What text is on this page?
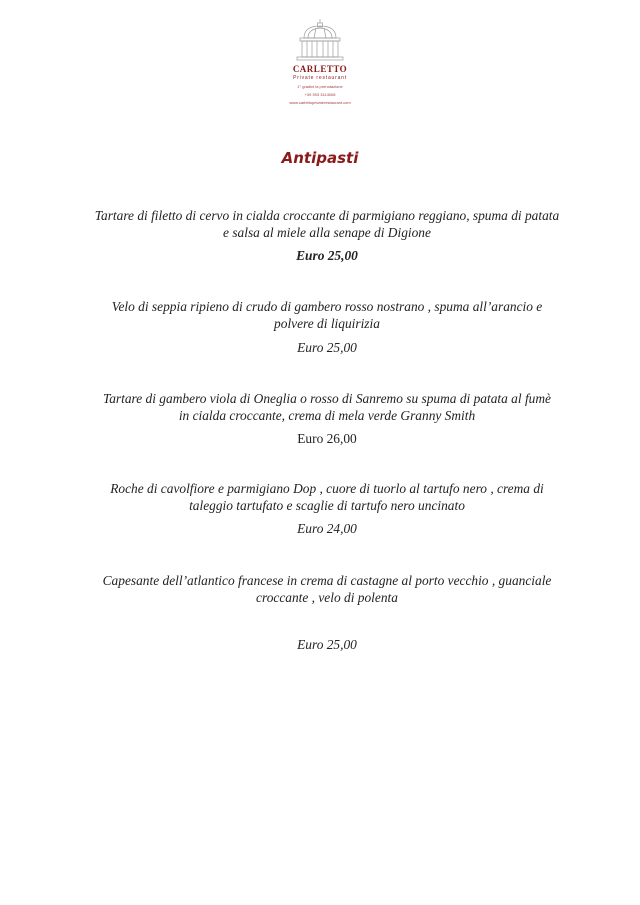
CARLETTO
Private restaurant
1° gradini la prenotazione
+39 393 3114008
www.carlettoprivaterestaurant.com
Antipasti
Tartare di filetto di cervo in cialda croccante di parmigiano reggiano, spuma di patata
e salsa al miele alla senape di Digione
Euro 25,00
Velo di seppia ripieno di crudo di gambero rosso nostrano , spuma all’arancio e
polvere di liquirizia
Euro 25,00
Tartare di gambero viola di Oneglia o rosso di Sanremo su spuma di patata al fumè
in cialda croccante, crema di mela verde Granny Smith
Euro 26,00
Roche di cavolfiore e parmigiano Dop , cuore di tuorlo al tartufo nero , crema di
taleggio tartufato e scaglie di tartufo nero uncinato
Euro 24,00
Capesante dell’atlantico francese in crema di castagne al porto vecchio , guanciale
croccante , velo di polenta
Euro 25,00
